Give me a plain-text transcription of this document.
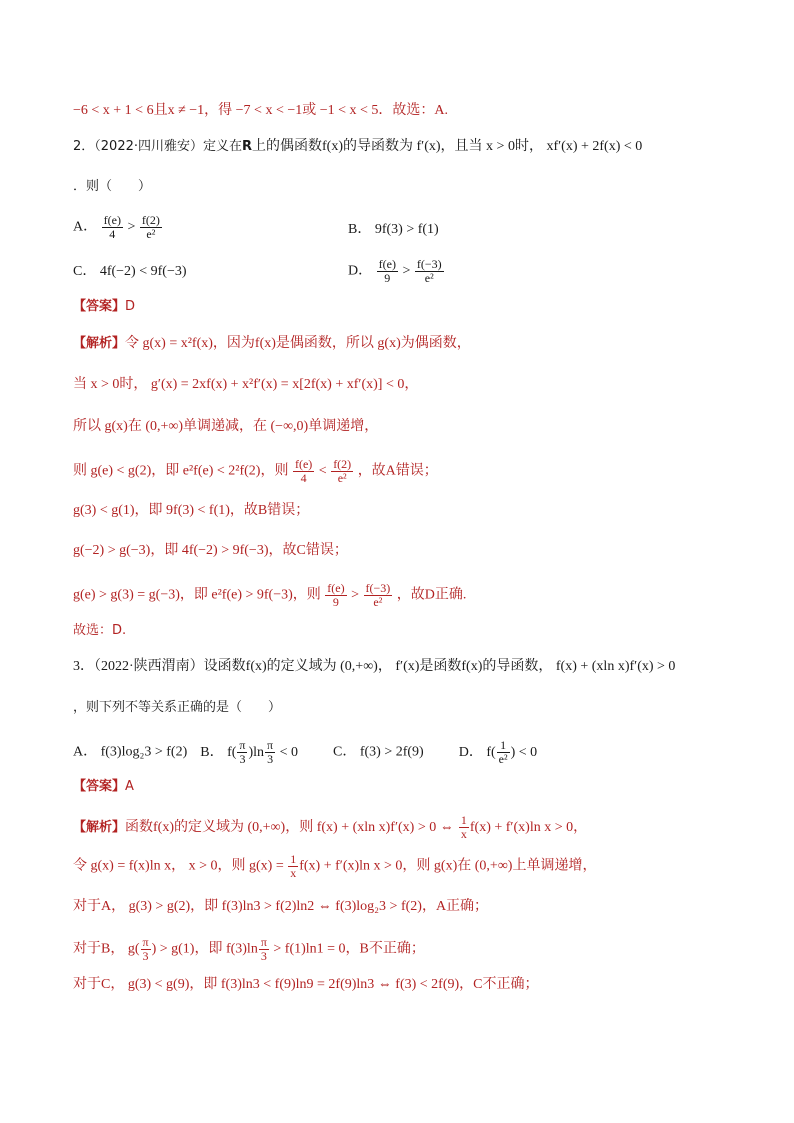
−6 < x + 1 < 6且x ≠ −1，得 −7 < x < −1或 −1 < x < 5．故选：A.
2．（2022·四川雅安）定义在R上的偶函数f(x)的导函数为 f′(x)，且当 x > 0时， xf′(x) + 2f(x) < 0
．则（　　）
A． $\frac{f(e)}{4} > \frac{f(2)}{\text{e²}}$	B． 9f(3) > f(1)
C． 4f(−2) < 9f(−3)	D． $\frac{f(e)}{9} > \frac{f(-3)}{\text{e²}}$
【答案】D
【解析】令 g(x) = x²f(x)，因为f(x)是偶函数，所以 g(x)为偶函数，
当 x > 0时， g′(x) = 2xf(x) + x²f′(x) = x[2f(x) + xf′(x)] < 0，
所以 g(x)在 (0,+∞)单调递减，在 (−∞,0)单调递增，
则 g(e) < g(2)，即 e²f(e) < 2²f(2)，则 $\frac{f(e)}{4} < \frac{f(2)}{\text{e²}}$ ，故A错误；
g(3) < g(1)，即 9f(3) < f(1)，故B错误；
g(−2) > g(−3)，即 4f(−2) > 9f(−3)，故C错误；
g(e) > g(3) = g(−3)，即 e²f(e) > 9f(−3)，则 $\frac{f(e)}{9} > \frac{f(-3)}{\text{e²}}$ ，故D正确.
故选：D.
3．（2022·陕西渭南）设函数f(x)的定义域为 (0,+∞)， f′(x)是函数f(x)的导函数， f(x) + (xln x)f′(x) > 0
，则下列不等关系正确的是（　　）
A． f(3)log₂3 > f(2) B． $f( \frac{\pi}{3} )\ln \frac{\pi}{3} < 0$	C． f(3) > 2f(9)	D． $f( \frac{1}{\text{e²}}$ ) < 0
【答案】A
【解析】函数f(x)的定义域为 (0,+∞)，则 f(x) + (xln x)f′(x) > 0 ⇔ $\frac{1}{x} f(x) + f'(x)\ln$ x > 0，
令 g(x) = f(x)ln x， x > 0，则 $g(x) = \frac{1}{x} f(x) + f'(x)\ln$ x > 0，则 g(x)在 (0,+∞)上单调递增，
对于A， g(3) > g(2)，即 f(3)ln3 > f(2)ln2 ⇔ f(3)log₂3 > f(2)，A正确；
对于B， $g( \frac{\pi}{3}$ ) > g(1)，即 $f(3)\ln \frac{\pi}{3} > f(1)\ln 1 = 0$，B不正确；
对于C， g(3) < g(9)，即 f(3)ln3 < f(9)ln9 = 2f(9)ln3 ⇔ f(3) < 2f(9)，C不正确；
